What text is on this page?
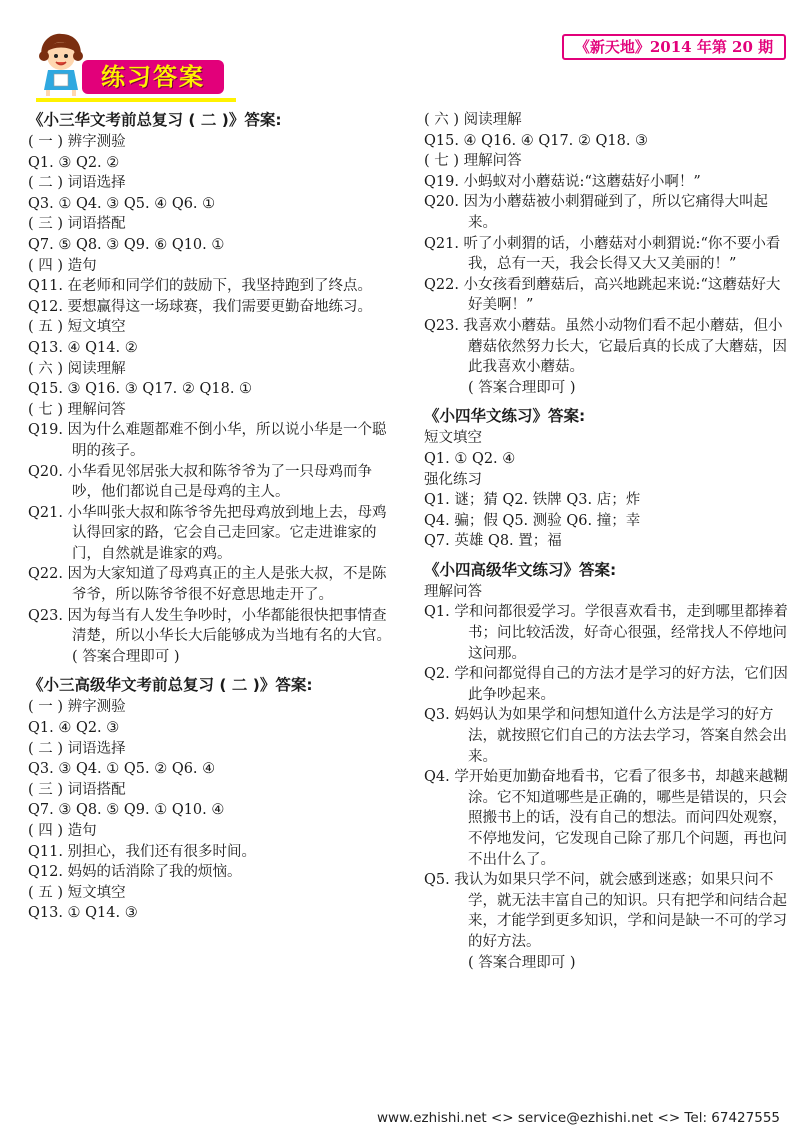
《新天地》2014 年第 20 期
练习答案
《小三华文考前总复习 ( 二 )》答案:
( 一 ) 辨字测验
Q1. ③ Q2. ②
( 二 ) 词语选择
Q3. ① Q4. ③ Q5. ④ Q6. ①
( 三 ) 词语搭配
Q7. ⑤ Q8. ③ Q9. ⑥ Q10. ①
( 四 ) 造句
Q11. 在老师和同学们的鼓励下，我坚持跑到了终点。
Q12. 要想赢得这一场球赛，我们需要更勤奋地练习。
( 五 ) 短文填空
Q13. ④ Q14. ②
( 六 ) 阅读理解
Q15. ③ Q16. ③ Q17. ② Q18. ①
( 七 ) 理解问答
Q19. 因为什么难题都难不倒小华，所以说小华是一个聪明的孩子。
Q20. 小华看见邻居张大叔和陈爷爷为了一只母鸡而争吵，他们都说自己是母鸡的主人。
Q21. 小华叫张大叔和陈爷爷先把母鸡放到地上去，母鸡认得回家的路，它会自己走回家。它走进谁家的门，自然就是谁家的鸡。
Q22. 因为大家知道了母鸡真正的主人是张大叔，不是陈爷爷，所以陈爷爷很不好意思地走开了。
Q23. 因为每当有人发生争吵时，小华都能很快把事情查清楚，所以小华长大后能够成为当地有名的大官。
( 答案合理即可 )
《小三高级华文考前总复习 ( 二 )》答案:
( 一 ) 辨字测验
Q1. ④ Q2. ③
( 二 ) 词语选择
Q3. ③ Q4. ① Q5. ② Q6. ④
( 三 ) 词语搭配
Q7. ③ Q8. ⑤ Q9. ① Q10. ④
( 四 ) 造句
Q11. 别担心，我们还有很多时间。
Q12. 妈妈的话消除了我的烦恼。
( 五 ) 短文填空
Q13. ① Q14. ③
( 六 ) 阅读理解
Q15. ④ Q16. ④ Q17. ② Q18. ③
( 七 ) 理解问答
Q19. 小蚂蚁对小蘑菇说:“这蘑菇好小啊！”
Q20. 因为小蘑菇被小刺猬碰到了，所以它痛得大叫起来。
Q21. 听了小刺猬的话，小蘑菇对小刺猬说:“你不要小看我，总有一天，我会长得又大又美丽的！”
Q22. 小女孩看到蘑菇后，高兴地跳起来说:“这蘑菇好大好美啊！”
Q23. 我喜欢小蘑菇。虽然小动物们看不起小蘑菇，但小蘑菇依然努力长大，它最后真的长成了大蘑菇，因此我喜欢小蘑菇。
( 答案合理即可 )
《小四华文练习》答案:
短文填空
Q1. ① Q2. ④
强化练习
Q1. 谜；猜 Q2. 铁牌 Q3. 店；炸
Q4. 骗；假 Q5. 测验 Q6. 撞；幸
Q7. 英雄 Q8. 置；福
《小四高级华文练习》答案:
理解问答
Q1. 学和问都很爱学习。学很喜欢看书，走到哪里都捧着书；问比较活泼，好奇心很强，经常找人不停地问这问那。
Q2. 学和问都觉得自己的方法才是学习的好方法，它们因此争吵起来。
Q3. 妈妈认为如果学和问想知道什么方法是学习的好方法，就按照它们自己的方法去学习，答案自然会出来。
Q4. 学开始更加勤奋地看书，它看了很多书，却越来越糊涂。它不知道哪些是正确的，哪些是错误的，只会照搬书上的话，没有自己的想法。而问四处观察，不停地发问，它发现自己除了那几个问题，再也问不出什么了。
Q5. 我认为如果只学不问，就会感到迷惑；如果只问不学，就无法丰富自己的知识。只有把学和问结合起来，才能学到更多知识，学和问是缺一不可的学习的好方法。
( 答案合理即可 )
www.ezhishi.net <> service@ezhishi.net <> Tel: 67427555
